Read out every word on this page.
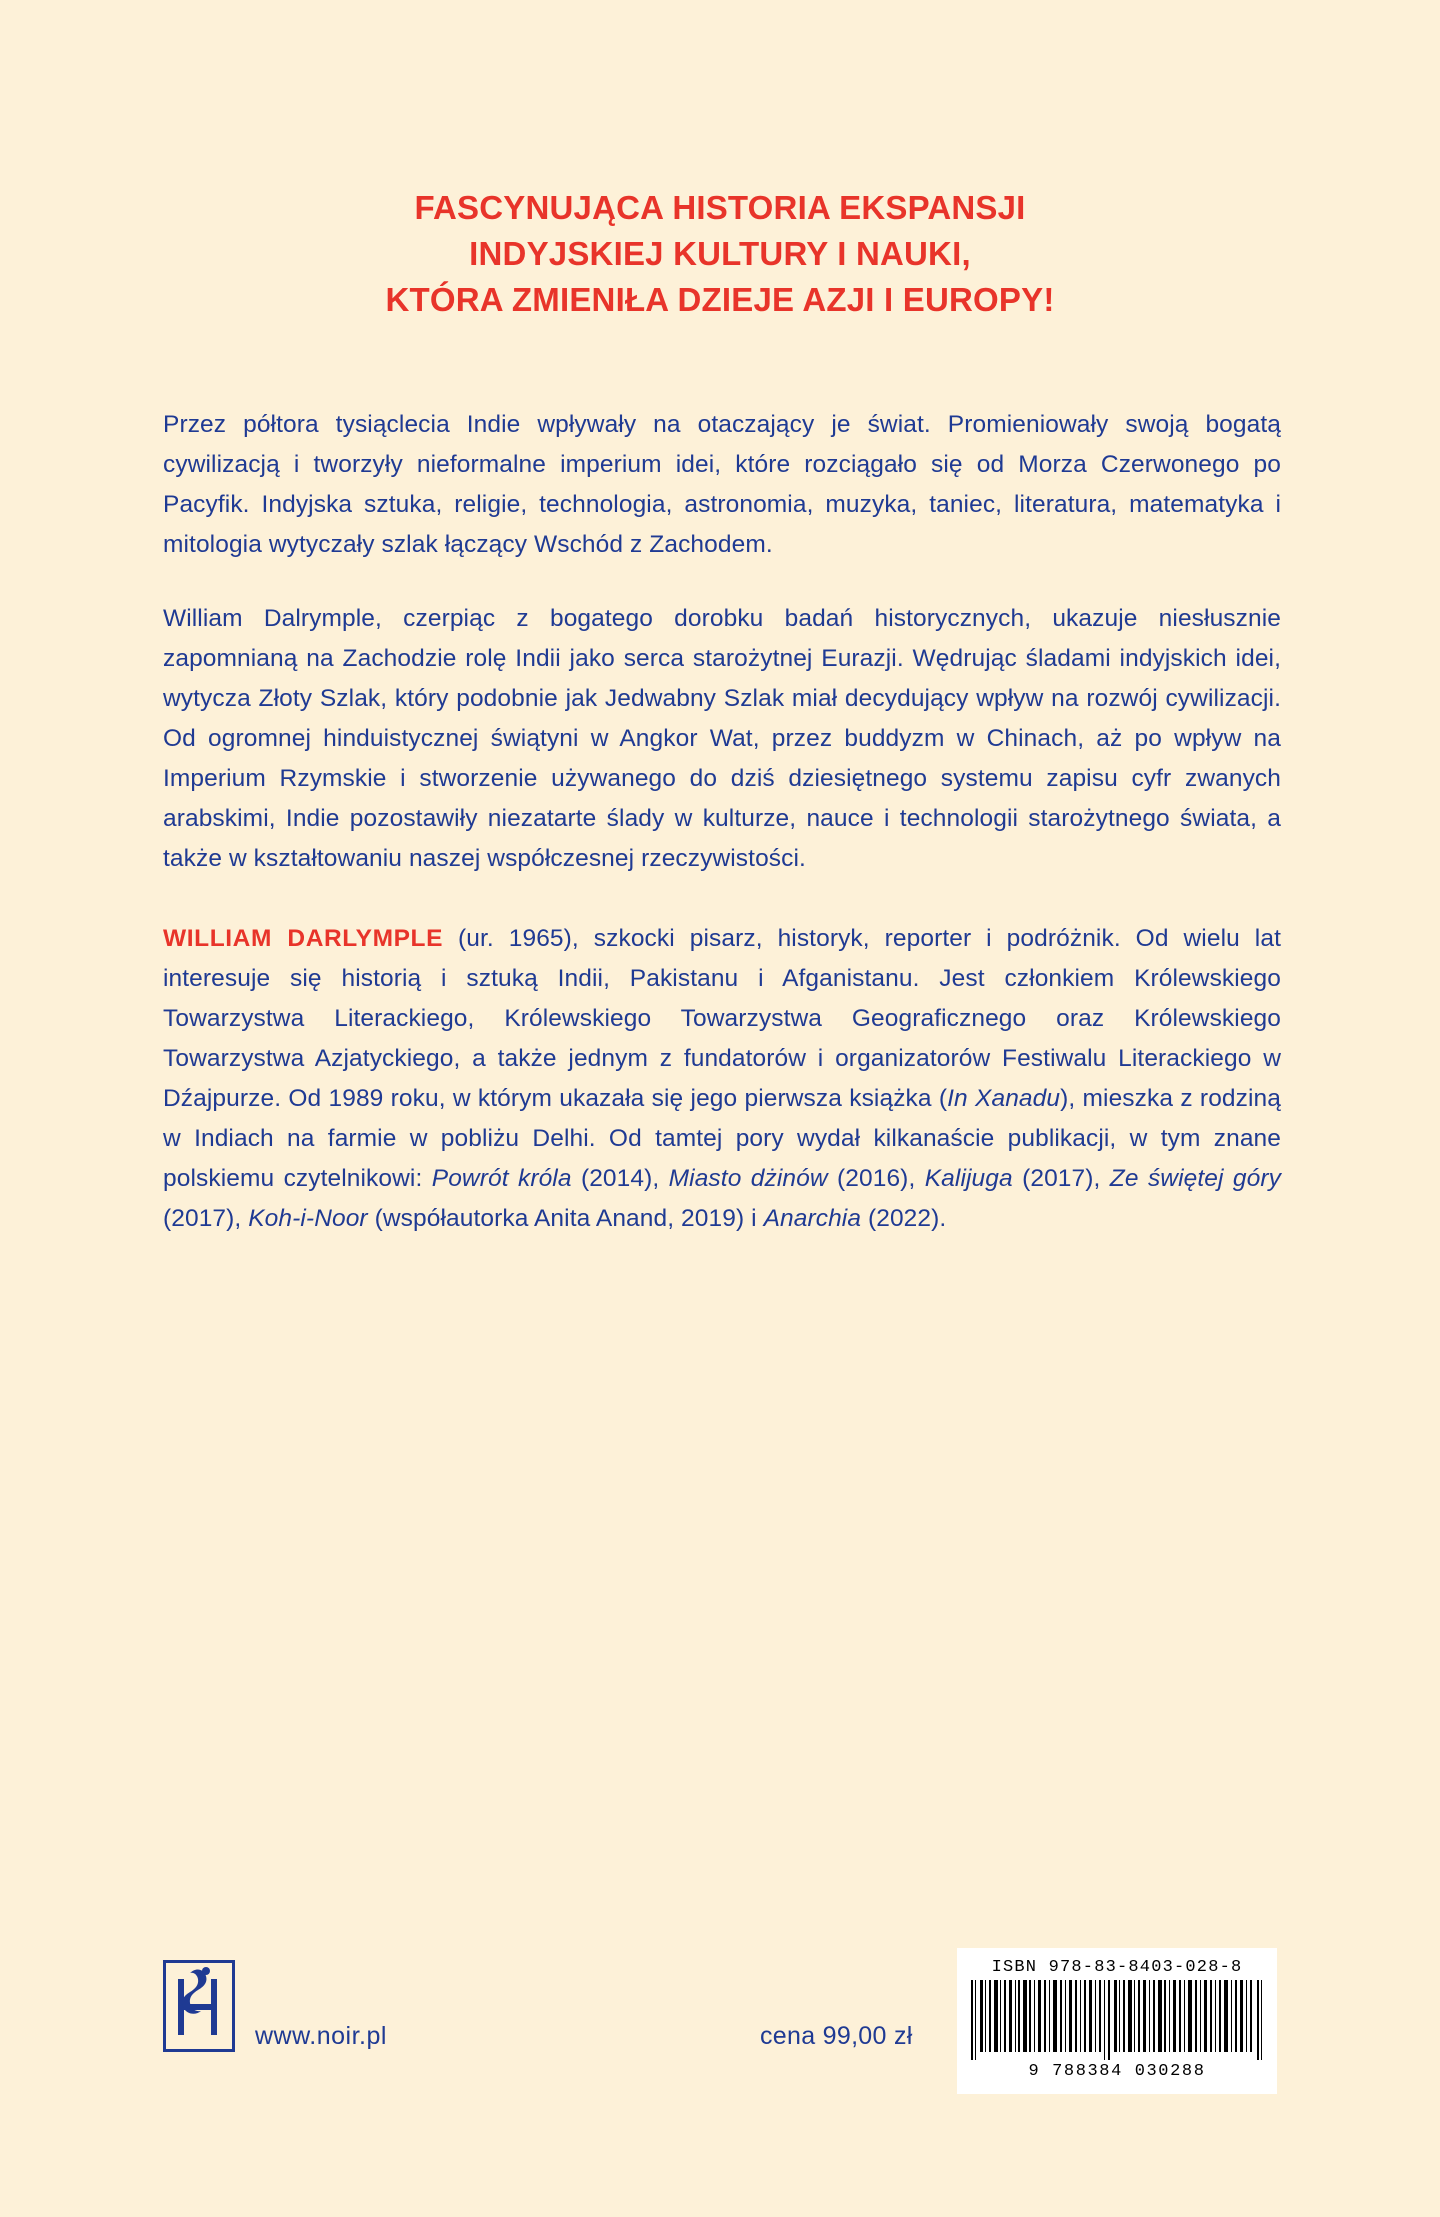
FASCYNUJĄCA HISTORIA EKSPANSJI
INDYJSKIEJ KULTURY I NAUKI,
KTÓRA ZMIENIŁA DZIEJE AZJI I EUROPY!

Przez półtora tysiąclecia Indie wpływały na otaczający je świat. Promieniowały swoją bogatą cywilizacją i tworzyły nieformalne imperium idei, które rozciągało się od Morza Czerwonego po Pacyfik. Indyjska sztuka, religie, technologia, astronomia, muzyka, taniec, literatura, matematyka i mitologia wytyczały szlak łączący Wschód z Zachodem.

William Dalrymple, czerpiąc z bogatego dorobku badań historycznych, ukazuje niesłusznie zapomnianą na Zachodzie rolę Indii jako serca starożytnej Eurazji. Wędrując śladami indyjskich idei, wytycza Złoty Szlak, który podobnie jak Jedwabny Szlak miał decydujący wpływ na rozwój cywilizacji. Od ogromnej hinduistycznej świątyni w Angkor Wat, przez buddyzm w Chinach, aż po wpływ na Imperium Rzymskie i stworzenie używanego do dziś dziesiętnego systemu zapisu cyfr zwanych arabskimi, Indie pozostawiły niezatarte ślady w kulturze, nauce i technologii starożytnego świata, a także w kształtowaniu naszej współczesnej rzeczywistości.

WILLIAM DARLYMPLE (ur. 1965), szkocki pisarz, historyk, reporter i podróżnik. Od wielu lat interesuje się historią i sztuką Indii, Pakistanu i Afganistanu. Jest członkiem Królewskiego Towarzystwa Literackiego, Królewskiego Towarzystwa Geograficznego oraz Królewskiego Towarzystwa Azjatyckiego, a także jednym z fundatorów i organizatorów Festiwalu Literackiego w Dźajpurze. Od 1989 roku, w którym ukazała się jego pierwsza książka (In Xanadu), mieszka z rodziną w Indiach na farmie w pobliżu Delhi. Od tamtej pory wydał kilkanaście publikacji, w tym znane polskiemu czytelnikowi: Powrót króla (2014), Miasto dżinów (2016), Kalijuga (2017), Ze świętej góry (2017), Koh-i-Noor (współautorka Anita Anand, 2019) i Anarchia (2022).

www.noir.pl	cena 99,00 zł
ISBN 978-83-8403-028-8
9 788384 030288
